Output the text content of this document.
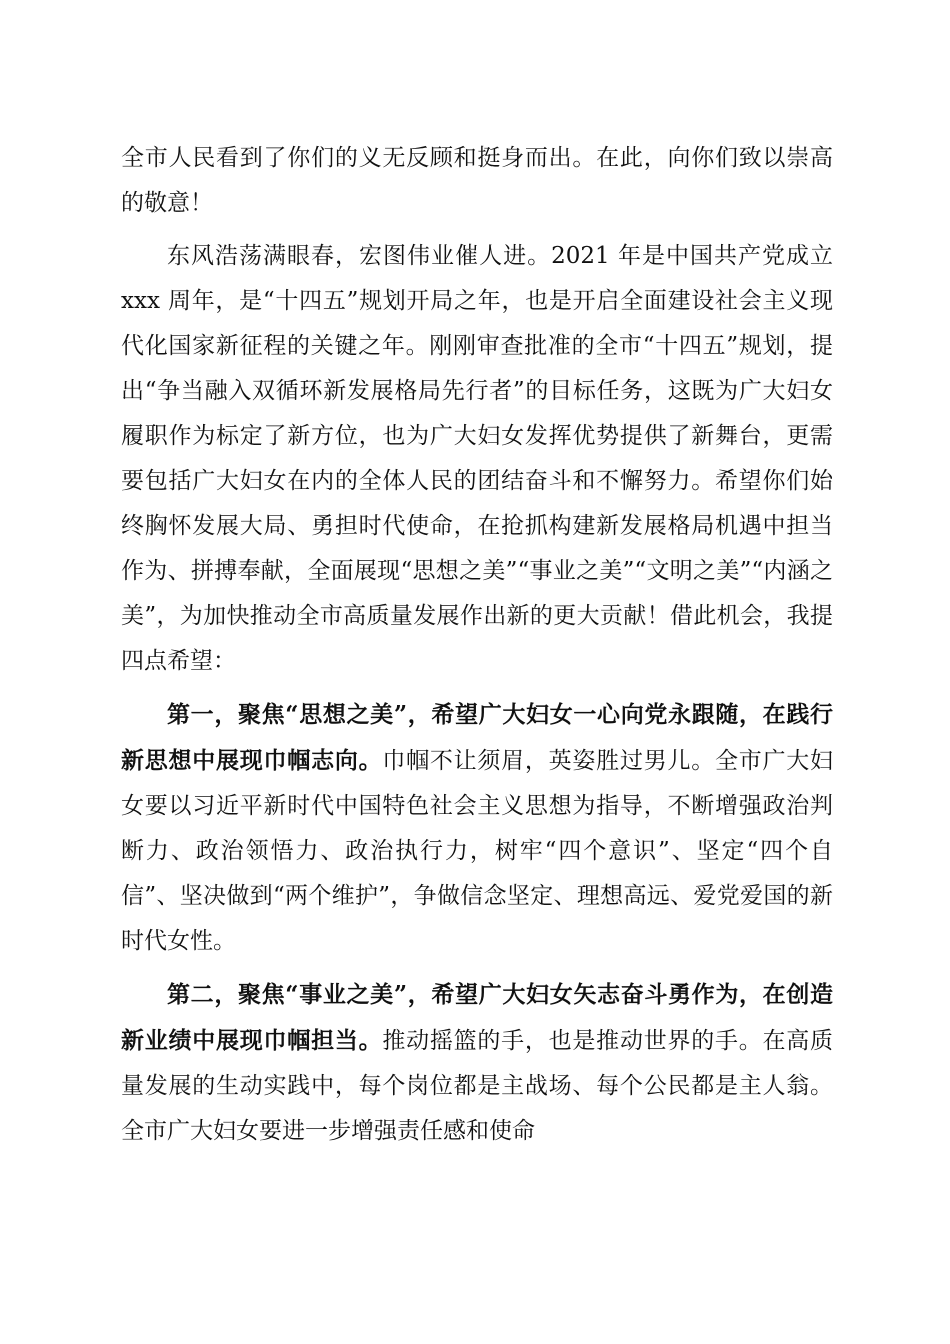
全市人民看到了你们的义无反顾和挺身而出。在此，向你们致以崇高的敬意！

东风浩荡满眼春，宏图伟业催人进。2021 年是中国共产党成立 xxx 周年，是“十四五”规划开局之年，也是开启全面建设社会主义现代化国家新征程的关键之年。刚刚审查批准的全市“十四五”规划，提出“争当融入双循环新发展格局先行者”的目标任务，这既为广大妇女履职作为标定了新方位，也为广大妇女发挥优势提供了新舞台，更需要包括广大妇女在内的全体人民的团结奋斗和不懈努力。希望你们始终胸怀发展大局、勇担时代使命，在抢抓构建新发展格局机遇中担当作为、拼搏奉献，全面展现“思想之美”“事业之美”“文明之美”“内涵之美”，为加快推动全市高质量发展作出新的更大贡献！借此机会，我提四点希望：

第一，聚焦“思想之美”，希望广大妇女一心向党永跟随，在践行新思想中展现巾帼志向。巾帼不让须眉，英姿胜过男儿。全市广大妇女要以习近平新时代中国特色社会主义思想为指导，不断增强政治判断力、政治领悟力、政治执行力，树牢“四个意识”、坚定“四个自信”、坚决做到“两个维护”，争做信念坚定、理想高远、爱党爱国的新时代女性。

第二，聚焦“事业之美”，希望广大妇女矢志奋斗勇作为，在创造新业绩中展现巾帼担当。推动摇篮的手，也是推动世界的手。在高质量发展的生动实践中，每个岗位都是主战场、每个公民都是主人翁。全市广大妇女要进一步增强责任感和使命
